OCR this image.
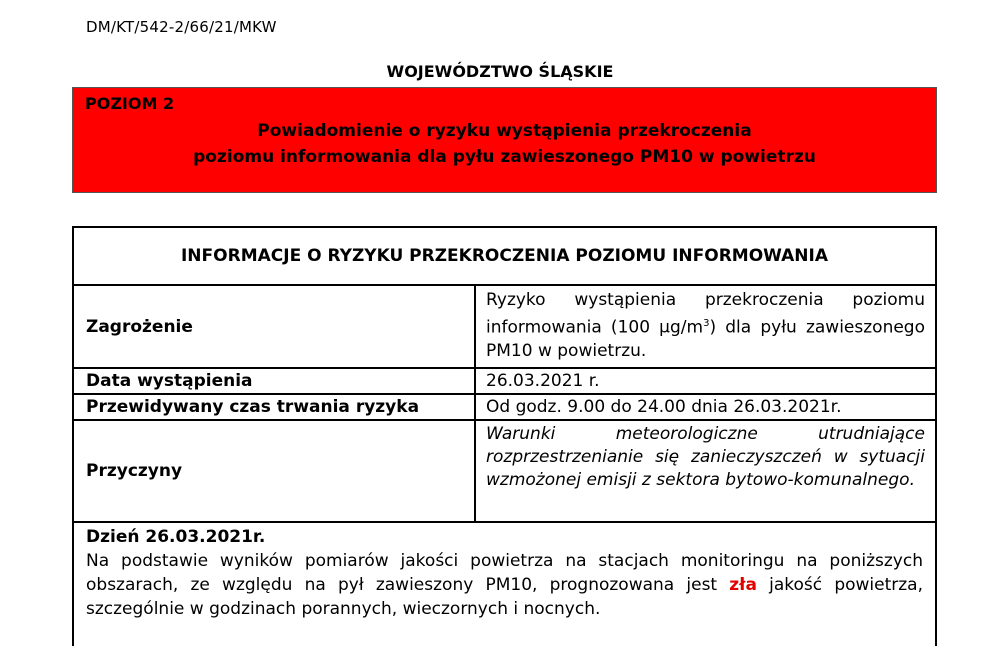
DM/KT/542-2/66/21/MKW
WOJEWÓDZTWO ŚLĄSKIE
POZIOM 2
Powiadomienie o ryzyku wystąpienia przekroczenia
poziomu informowania dla pyłu zawieszonego PM10 w powietrzu
INFORMACJE O RYZYKU PRZEKROCZENIA POZIOMU INFORMOWANIA
Zagrożenie
Ryzyko wystąpienia przekroczenia poziomu informowania (100 $\mu g/m^3$) dla pyłu zawieszonego PM10 w powietrzu.
Data wystąpienia	26.03.2021 r.
Przewidywany czas trwania ryzyka	Od godz. 9.00 do 24.00 dnia 26.03.2021r.
Przyczyny
Warunki meteorologiczne utrudniające rozprzestrzenianie się zanieczyszczeń w sytuacji wzmożonej emisji z sektora bytowo-komunalnego.
Dzień 26.03.2021r.
Na podstawie wyników pomiarów jakości powietrza na stacjach monitoringu na poniższych obszarach, ze względu na pył zawieszony PM10, prognozowana jest zła jakość powietrza, szczególnie w godzinach porannych, wieczornych i nocnych.
